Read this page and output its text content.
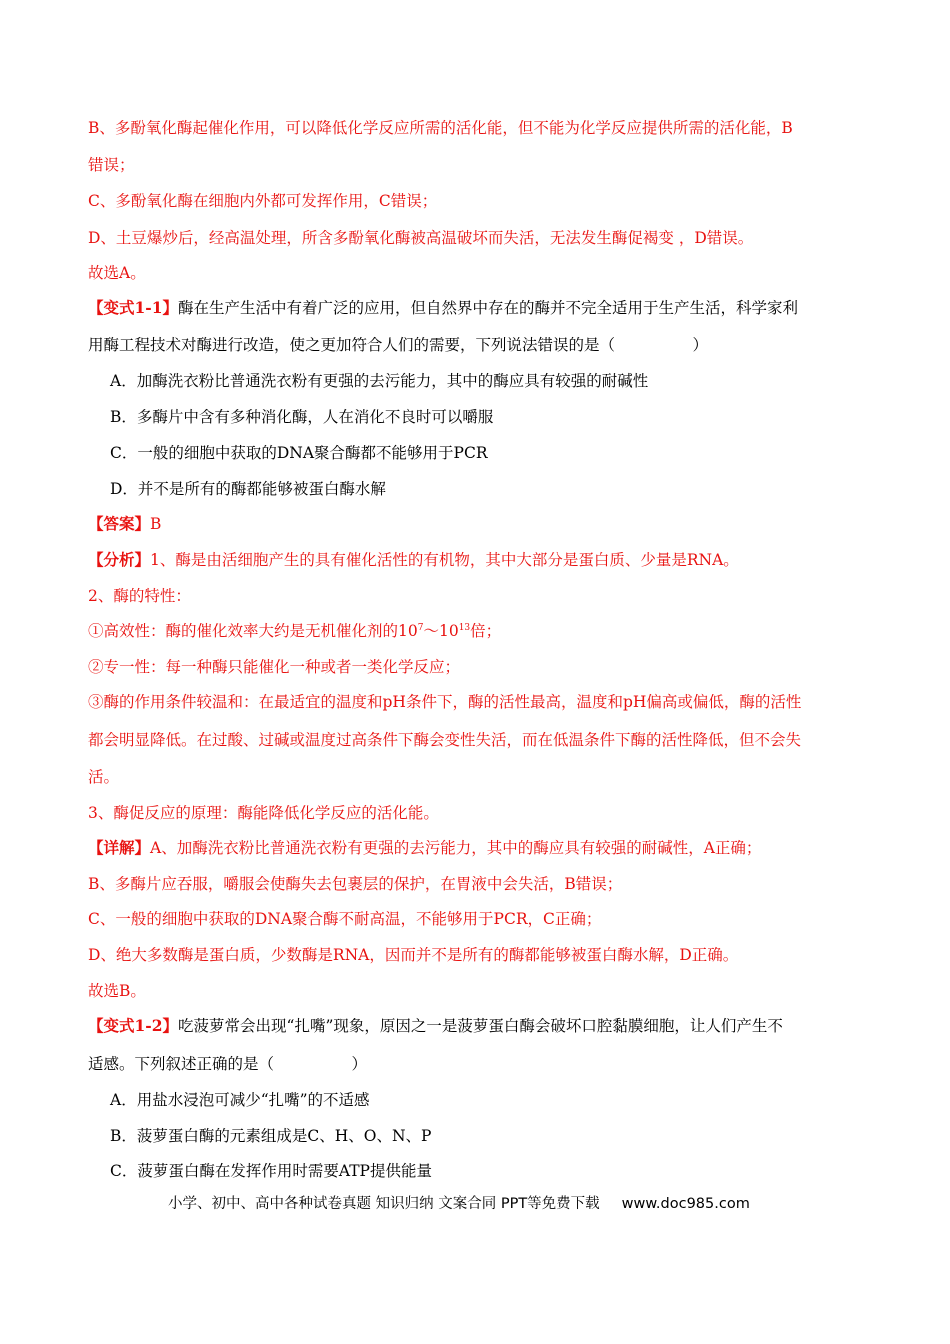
B、多酚氧化酶起催化作用，可以降低化学反应所需的活化能，但不能为化学反应提供所需的活化能，B
错误；
C、多酚氧化酶在细胞内外都可发挥作用，C错误；
D、土豆爆炒后，经高温处理，所含多酚氧化酶被高温破坏而失活，无法发生酶促褐变 ，D错误。
故选A。
【变式1-1】酶在生产生活中有着广泛的应用，但自然界中存在的酶并不完全适用于生产生活，科学家利
用酶工程技术对酶进行改造，使之更加符合人们的需要，下列说法错误的是（　　　　　）
A．加酶洗衣粉比普通洗衣粉有更强的去污能力，其中的酶应具有较强的耐碱性
B．多酶片中含有多种消化酶，人在消化不良时可以嚼服
C．一般的细胞中获取的DNA聚合酶都不能够用于PCR
D．并不是所有的酶都能够被蛋白酶水解
【答案】B
【分析】1、酶是由活细胞产生的具有催化活性的有机物，其中大部分是蛋白质、少量是RNA。
2、酶的特性：
①高效性：酶的催化效率大约是无机催化剂的$10^7\sim 10^{13}$倍；
②专一性：每一种酶只能催化一种或者一类化学反应；
③酶的作用条件较温和：在最适宜的温度和pH条件下，酶的活性最高，温度和pH偏高或偏低，酶的活性
都会明显降低。在过酸、过碱或温度过高条件下酶会变性失活，而在低温条件下酶的活性降低，但不会失
活。
3、酶促反应的原理：酶能降低化学反应的活化能。
【详解】A、加酶洗衣粉比普通洗衣粉有更强的去污能力，其中的酶应具有较强的耐碱性，A正确；
B、多酶片应吞服，嚼服会使酶失去包裹层的保护，在胃液中会失活，B错误；
C、一般的细胞中获取的DNA聚合酶不耐高温，不能够用于PCR，C正确；
D、绝大多数酶是蛋白质，少数酶是RNA，因而并不是所有的酶都能够被蛋白酶水解，D正确。
故选B。
【变式1-2】吃菠萝常会出现“扎嘴”现象，原因之一是菠萝蛋白酶会破坏口腔黏膜细胞，让人们产生不
适感。下列叙述正确的是（　　　　　）
A．用盐水浸泡可减少“扎嘴”的不适感
B．菠萝蛋白酶的元素组成是C、H、O、N、P
C．菠萝蛋白酶在发挥作用时需要ATP提供能量
小学、初中、高中各种试卷真题 知识归纳 文案合同 PPT等免费下载 www.doc985.com
